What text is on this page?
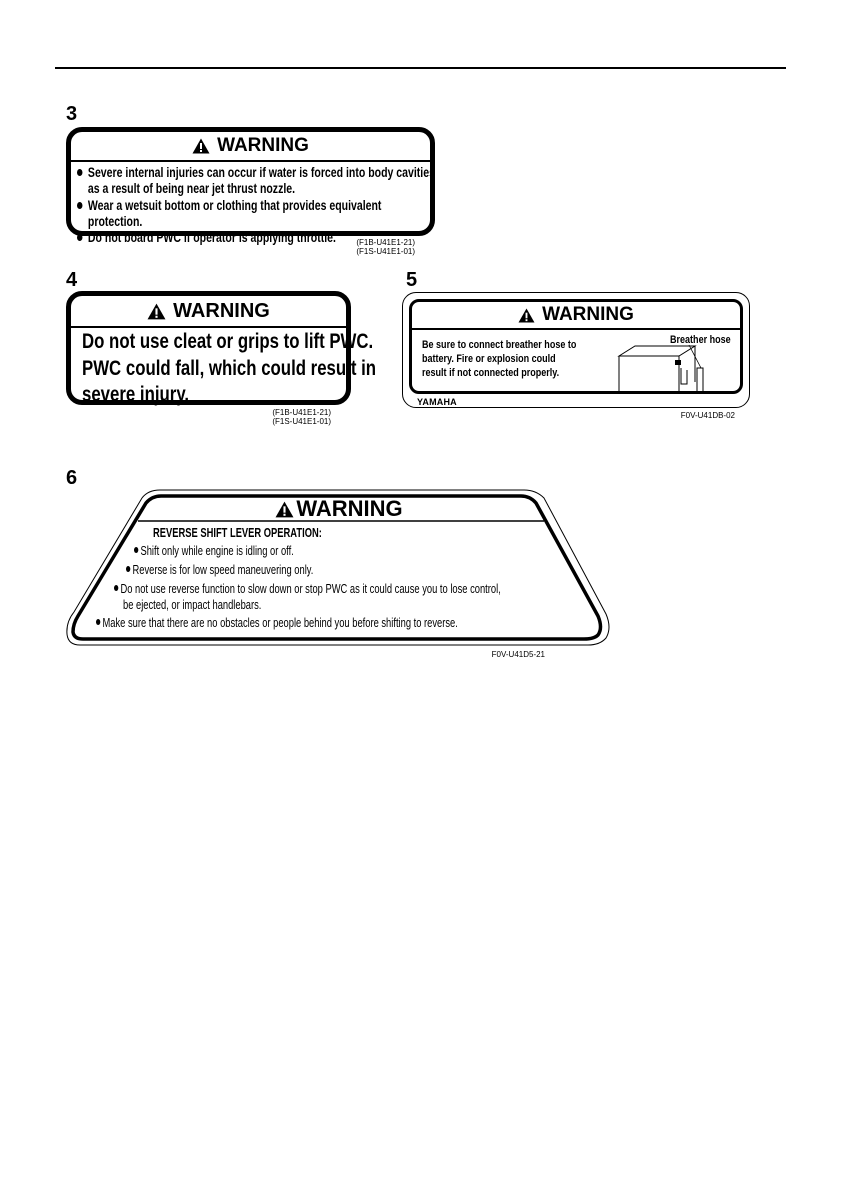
3
WARNING
Severe internal injuries can occur if water is forced into body cavities
as a result of being near jet thrust nozzle.
Wear a wetsuit bottom or clothing that provides equivalent protection.
Do not board PWC if operator is applying throttle.	(F1B-U41E1-21)
(F1S-U41E1-01)
4
WARNING
Do not use cleat or grips to lift PWC.
PWC could fall, which could result in
severe injury.
(F1B-U41E1-21)
(F1S-U41E1-01)
5
WARNING
Be sure to connect breather hose to
battery. Fire or explosion could
result if not connected properly.
Breather hose
YAMAHA
F0V-U41DB-02
6
WARNING
REVERSE SHIFT LEVER OPERATION:
Shift only while engine is idling or off.
Reverse is for low speed maneuvering only.
Do not use reverse function to slow down or stop PWC as it could cause you to lose control,
be ejected, or impact handlebars.
Make sure that there are no obstacles or people behind you before shifting to reverse.
F0V-U41D5-21
